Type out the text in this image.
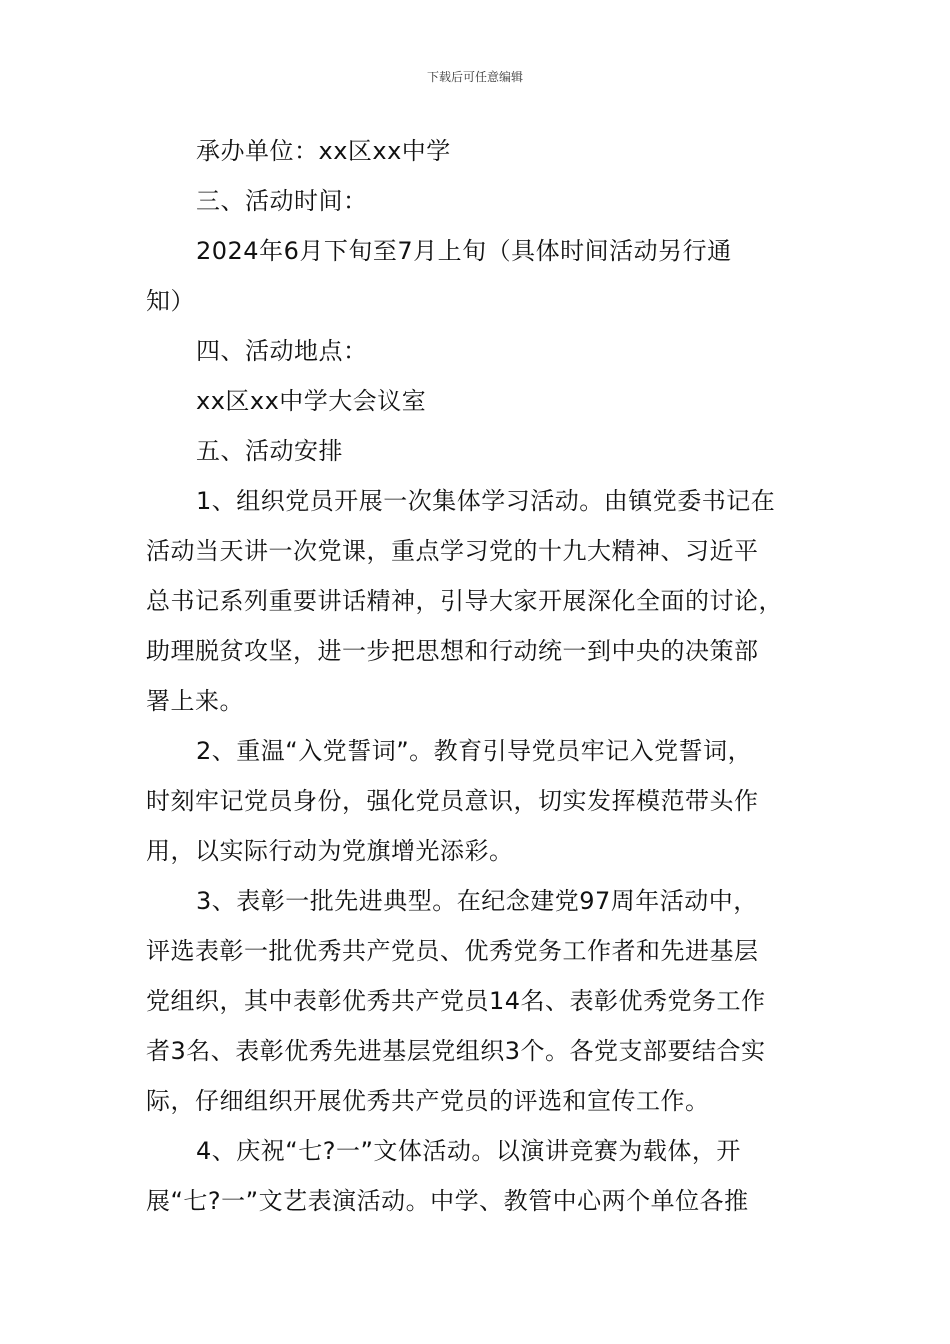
下载后可任意编辑
承办单位：xx区xx中学
三、活动时间：
2024年6月下旬至7月上旬（具体时间活动另行通
知）
四、活动地点：
xx区xx中学大会议室
五、活动安排
1、组织党员开展一次集体学习活动。由镇党委书记在
活动当天讲一次党课，重点学习党的十九大精神、习近平
总书记系列重要讲话精神，引导大家开展深化全面的讨论，
助理脱贫攻坚，进一步把思想和行动统一到中央的决策部
署上来。
2、重温“入党誓词”。教育引导党员牢记入党誓词，
时刻牢记党员身份，强化党员意识，切实发挥模范带头作
用，以实际行动为党旗增光添彩。
3、表彰一批先进典型。在纪念建党97周年活动中，
评选表彰一批优秀共产党员、优秀党务工作者和先进基层
党组织，其中表彰优秀共产党员14名、表彰优秀党务工作
者3名、表彰优秀先进基层党组织3个。各党支部要结合实
际，仔细组织开展优秀共产党员的评选和宣传工作。
4、庆祝“七?一”文体活动。以演讲竞赛为载体，开
展“七?一”文艺表演活动。中学、教管中心两个单位各推
